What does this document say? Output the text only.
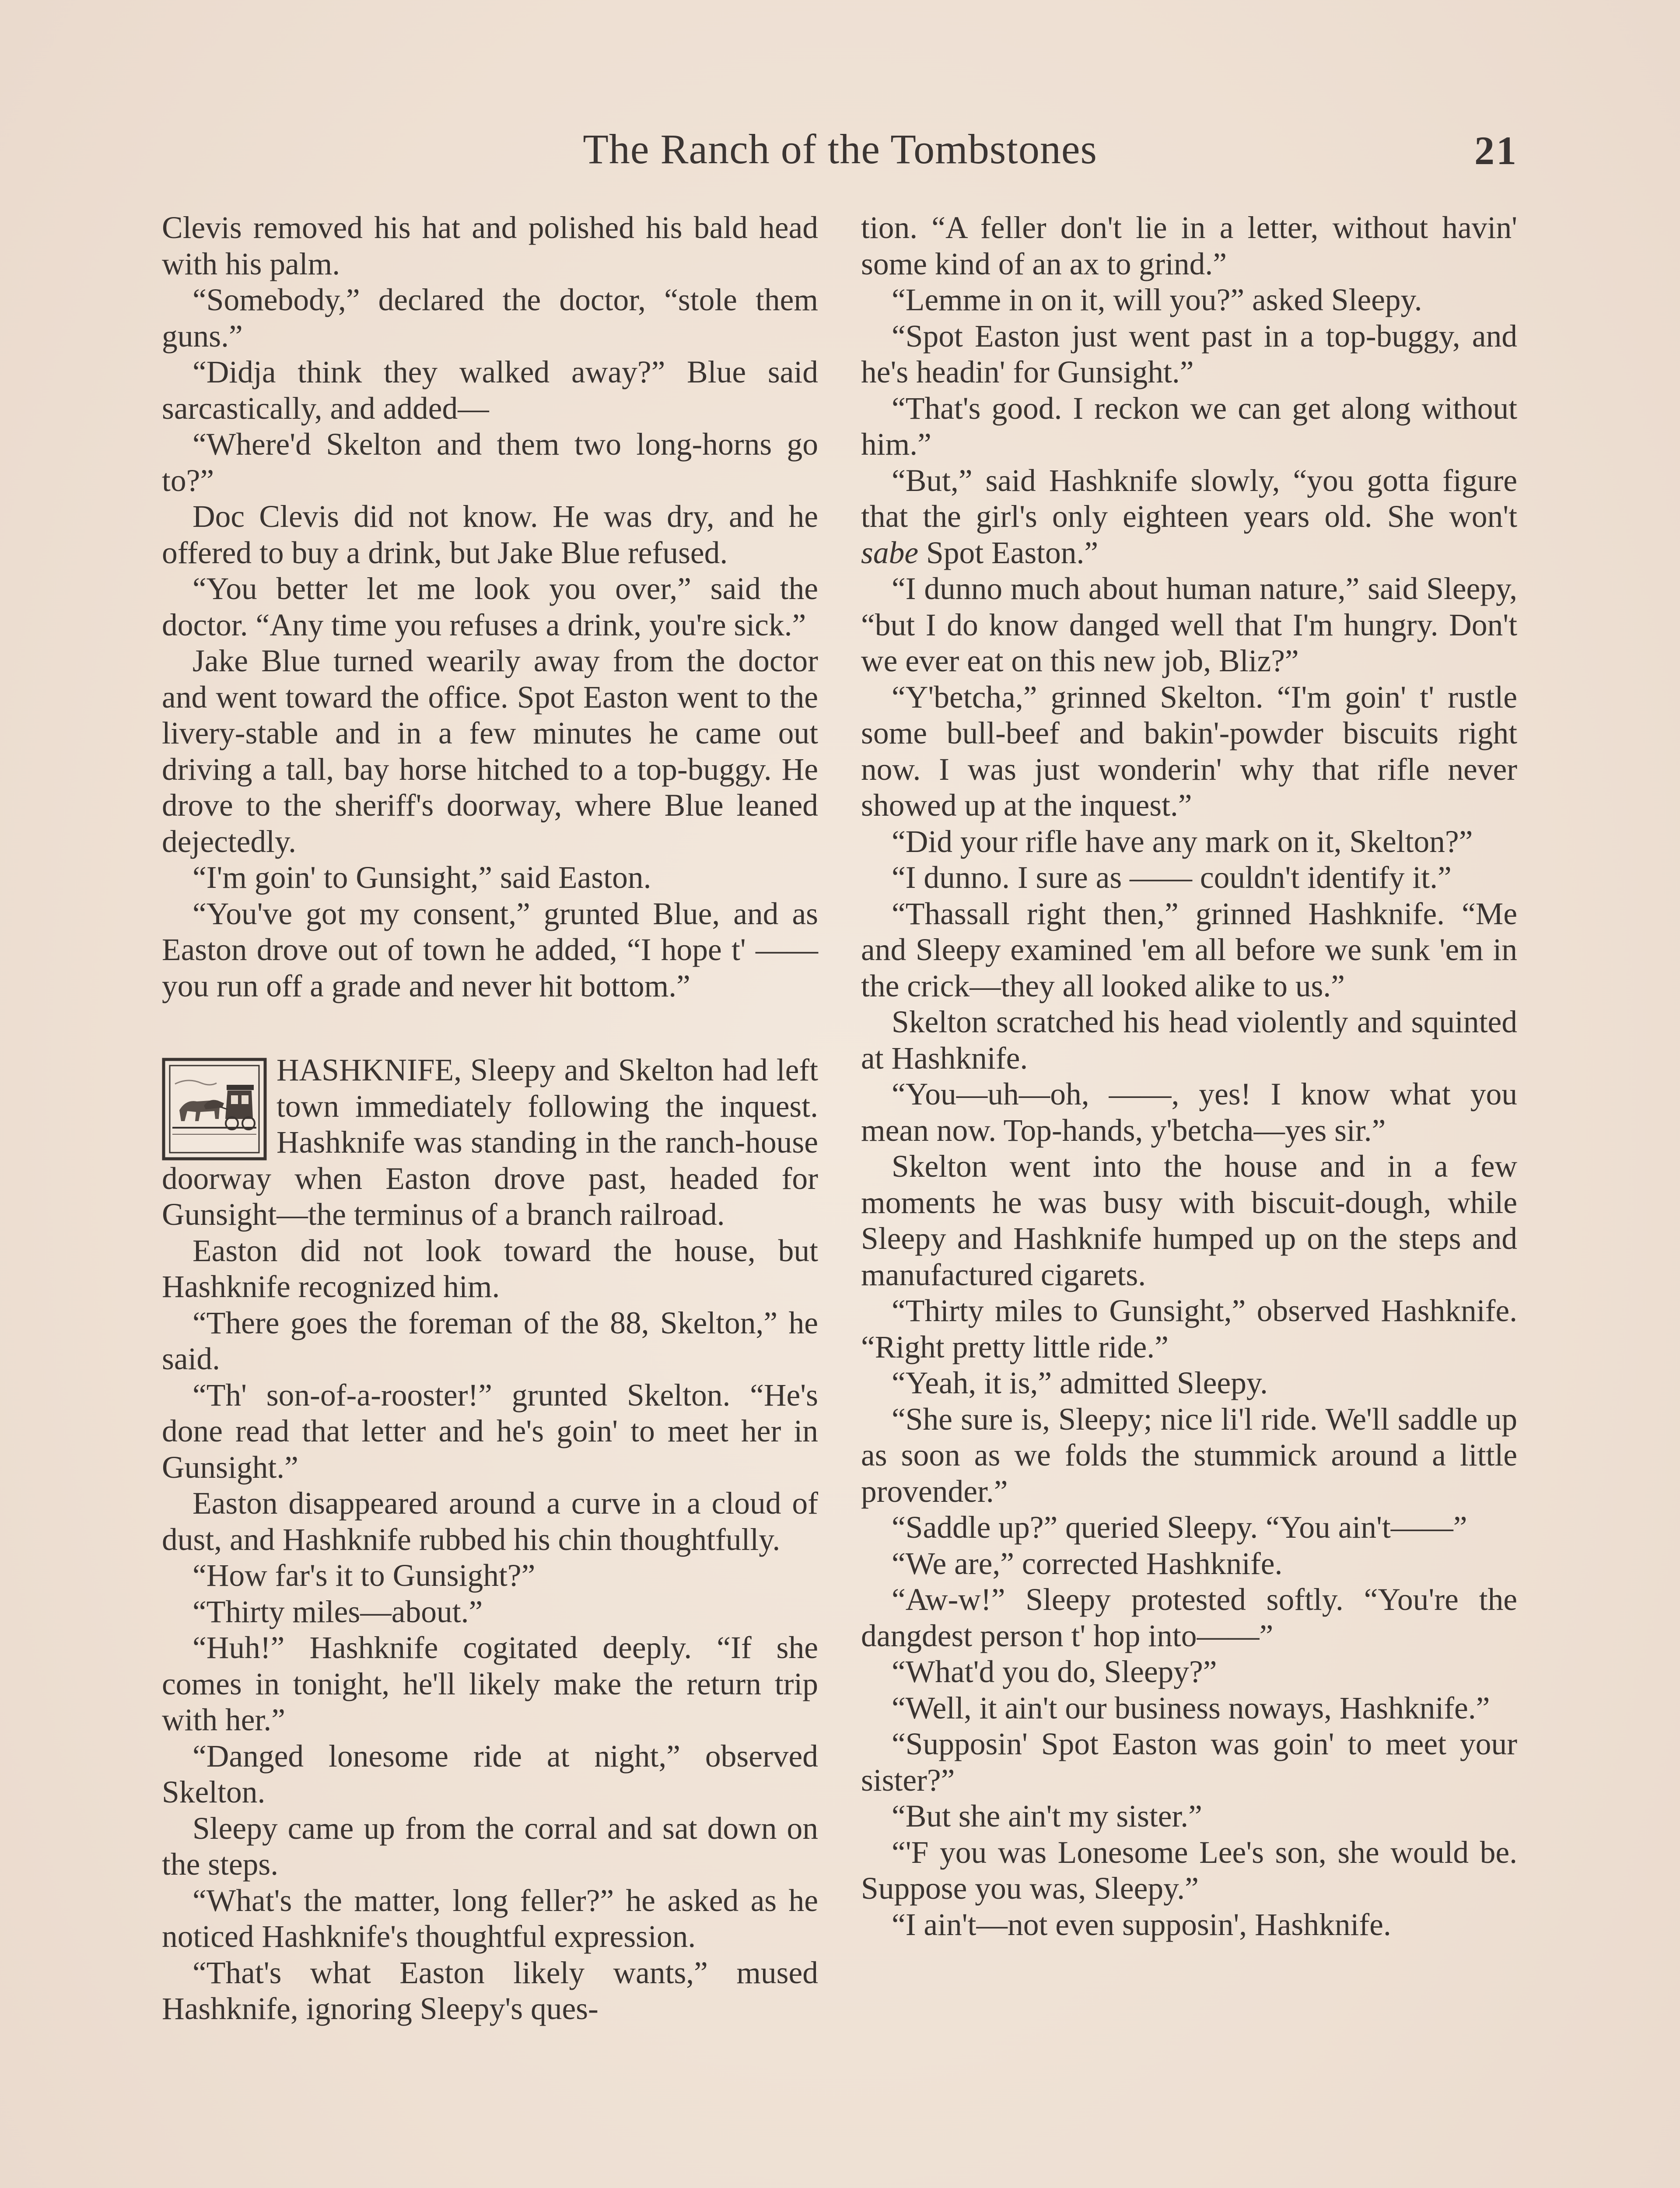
The Ranch of the Tombstones	21

Clevis removed his hat and polished his bald head with his palm.

“Somebody,” declared the doctor, “stole them guns.”

“Didja think they walked away?” Blue said sarcastically, and added—

“Where'd Skelton and them two long-horns go to?”

Doc Clevis did not know. He was dry, and he offered to buy a drink, but Jake Blue refused.

“You better let me look you over,” said the doctor. “Any time you refuses a drink, you're sick.”

Jake Blue turned wearily away from the doctor and went toward the office. Spot Easton went to the livery-stable and in a few minutes he came out driving a tall, bay horse hitched to a top-buggy. He drove to the sheriff's doorway, where Blue leaned dejectedly.

“I'm goin' to Gunsight,” said Easton.

“You've got my consent,” grunted Blue, and as Easton drove out of town he added, “I hope t' —— you run off a grade and never hit bottom.”

HASHKNIFE, Sleepy and Skelton had left town immediately following the inquest. Hashknife was standing in the ranch-house doorway when Easton drove past, headed for Gunsight—the terminus of a branch railroad.

Easton did not look toward the house, but Hashknife recognized him.

“There goes the foreman of the 88, Skelton,” he said.

“Th' son-of-a-rooster!” grunted Skelton. “He's done read that letter and he's goin' to meet her in Gunsight.”

Easton disappeared around a curve in a cloud of dust, and Hashknife rubbed his chin thoughtfully.

“How far's it to Gunsight?”

“Thirty miles—about.”

“Huh!” Hashknife cogitated deeply. “If she comes in tonight, he'll likely make the return trip with her.”

“Danged lonesome ride at night,” observed Skelton.

Sleepy came up from the corral and sat down on the steps.

“What's the matter, long feller?” he asked as he noticed Hashknife's thoughtful expression.

“That's what Easton likely wants,” mused Hashknife, ignoring Sleepy's ques-

tion. “A feller don't lie in a letter, without havin' some kind of an ax to grind.”

“Lemme in on it, will you?” asked Sleepy.

“Spot Easton just went past in a top-buggy, and he's headin' for Gunsight.”

“That's good. I reckon we can get along without him.”

“But,” said Hashknife slowly, “you gotta figure that the girl's only eighteen years old. She won't sabe Spot Easton.”

“I dunno much about human nature,” said Sleepy, “but I do know danged well that I'm hungry. Don't we ever eat on this new job, Bliz?”

“Y'betcha,” grinned Skelton. “I'm goin' t' rustle some bull-beef and bakin'-powder biscuits right now. I was just wonderin' why that rifle never showed up at the inquest.”

“Did your rifle have any mark on it, Skelton?”

“I dunno. I sure as —— couldn't identify it.”

“Thassall right then,” grinned Hashknife. “Me and Sleepy examined 'em all before we sunk 'em in the crick—they all looked alike to us.”

Skelton scratched his head violently and squinted at Hashknife.

“You—uh—oh, ——, yes! I know what you mean now. Top-hands, y'betcha—yes sir.”

Skelton went into the house and in a few moments he was busy with biscuit-dough, while Sleepy and Hashknife humped up on the steps and manufactured cigarets.

“Thirty miles to Gunsight,” observed Hashknife. “Right pretty little ride.”

“Yeah, it is,” admitted Sleepy.

“She sure is, Sleepy; nice li'l ride. We'll saddle up as soon as we folds the stummick around a little provender.”

“Saddle up?” queried Sleepy. “You ain't——”

“We are,” corrected Hashknife.

“Aw-w!” Sleepy protested softly. “You're the dangdest person t' hop into——”

“What'd you do, Sleepy?”

“Well, it ain't our business noways, Hashknife.”

“Supposin' Spot Easton was goin' to meet your sister?”

“But she ain't my sister.”

“'F you was Lonesome Lee's son, she would be. Suppose you was, Sleepy.”

“I ain't—not even supposin', Hashknife.
